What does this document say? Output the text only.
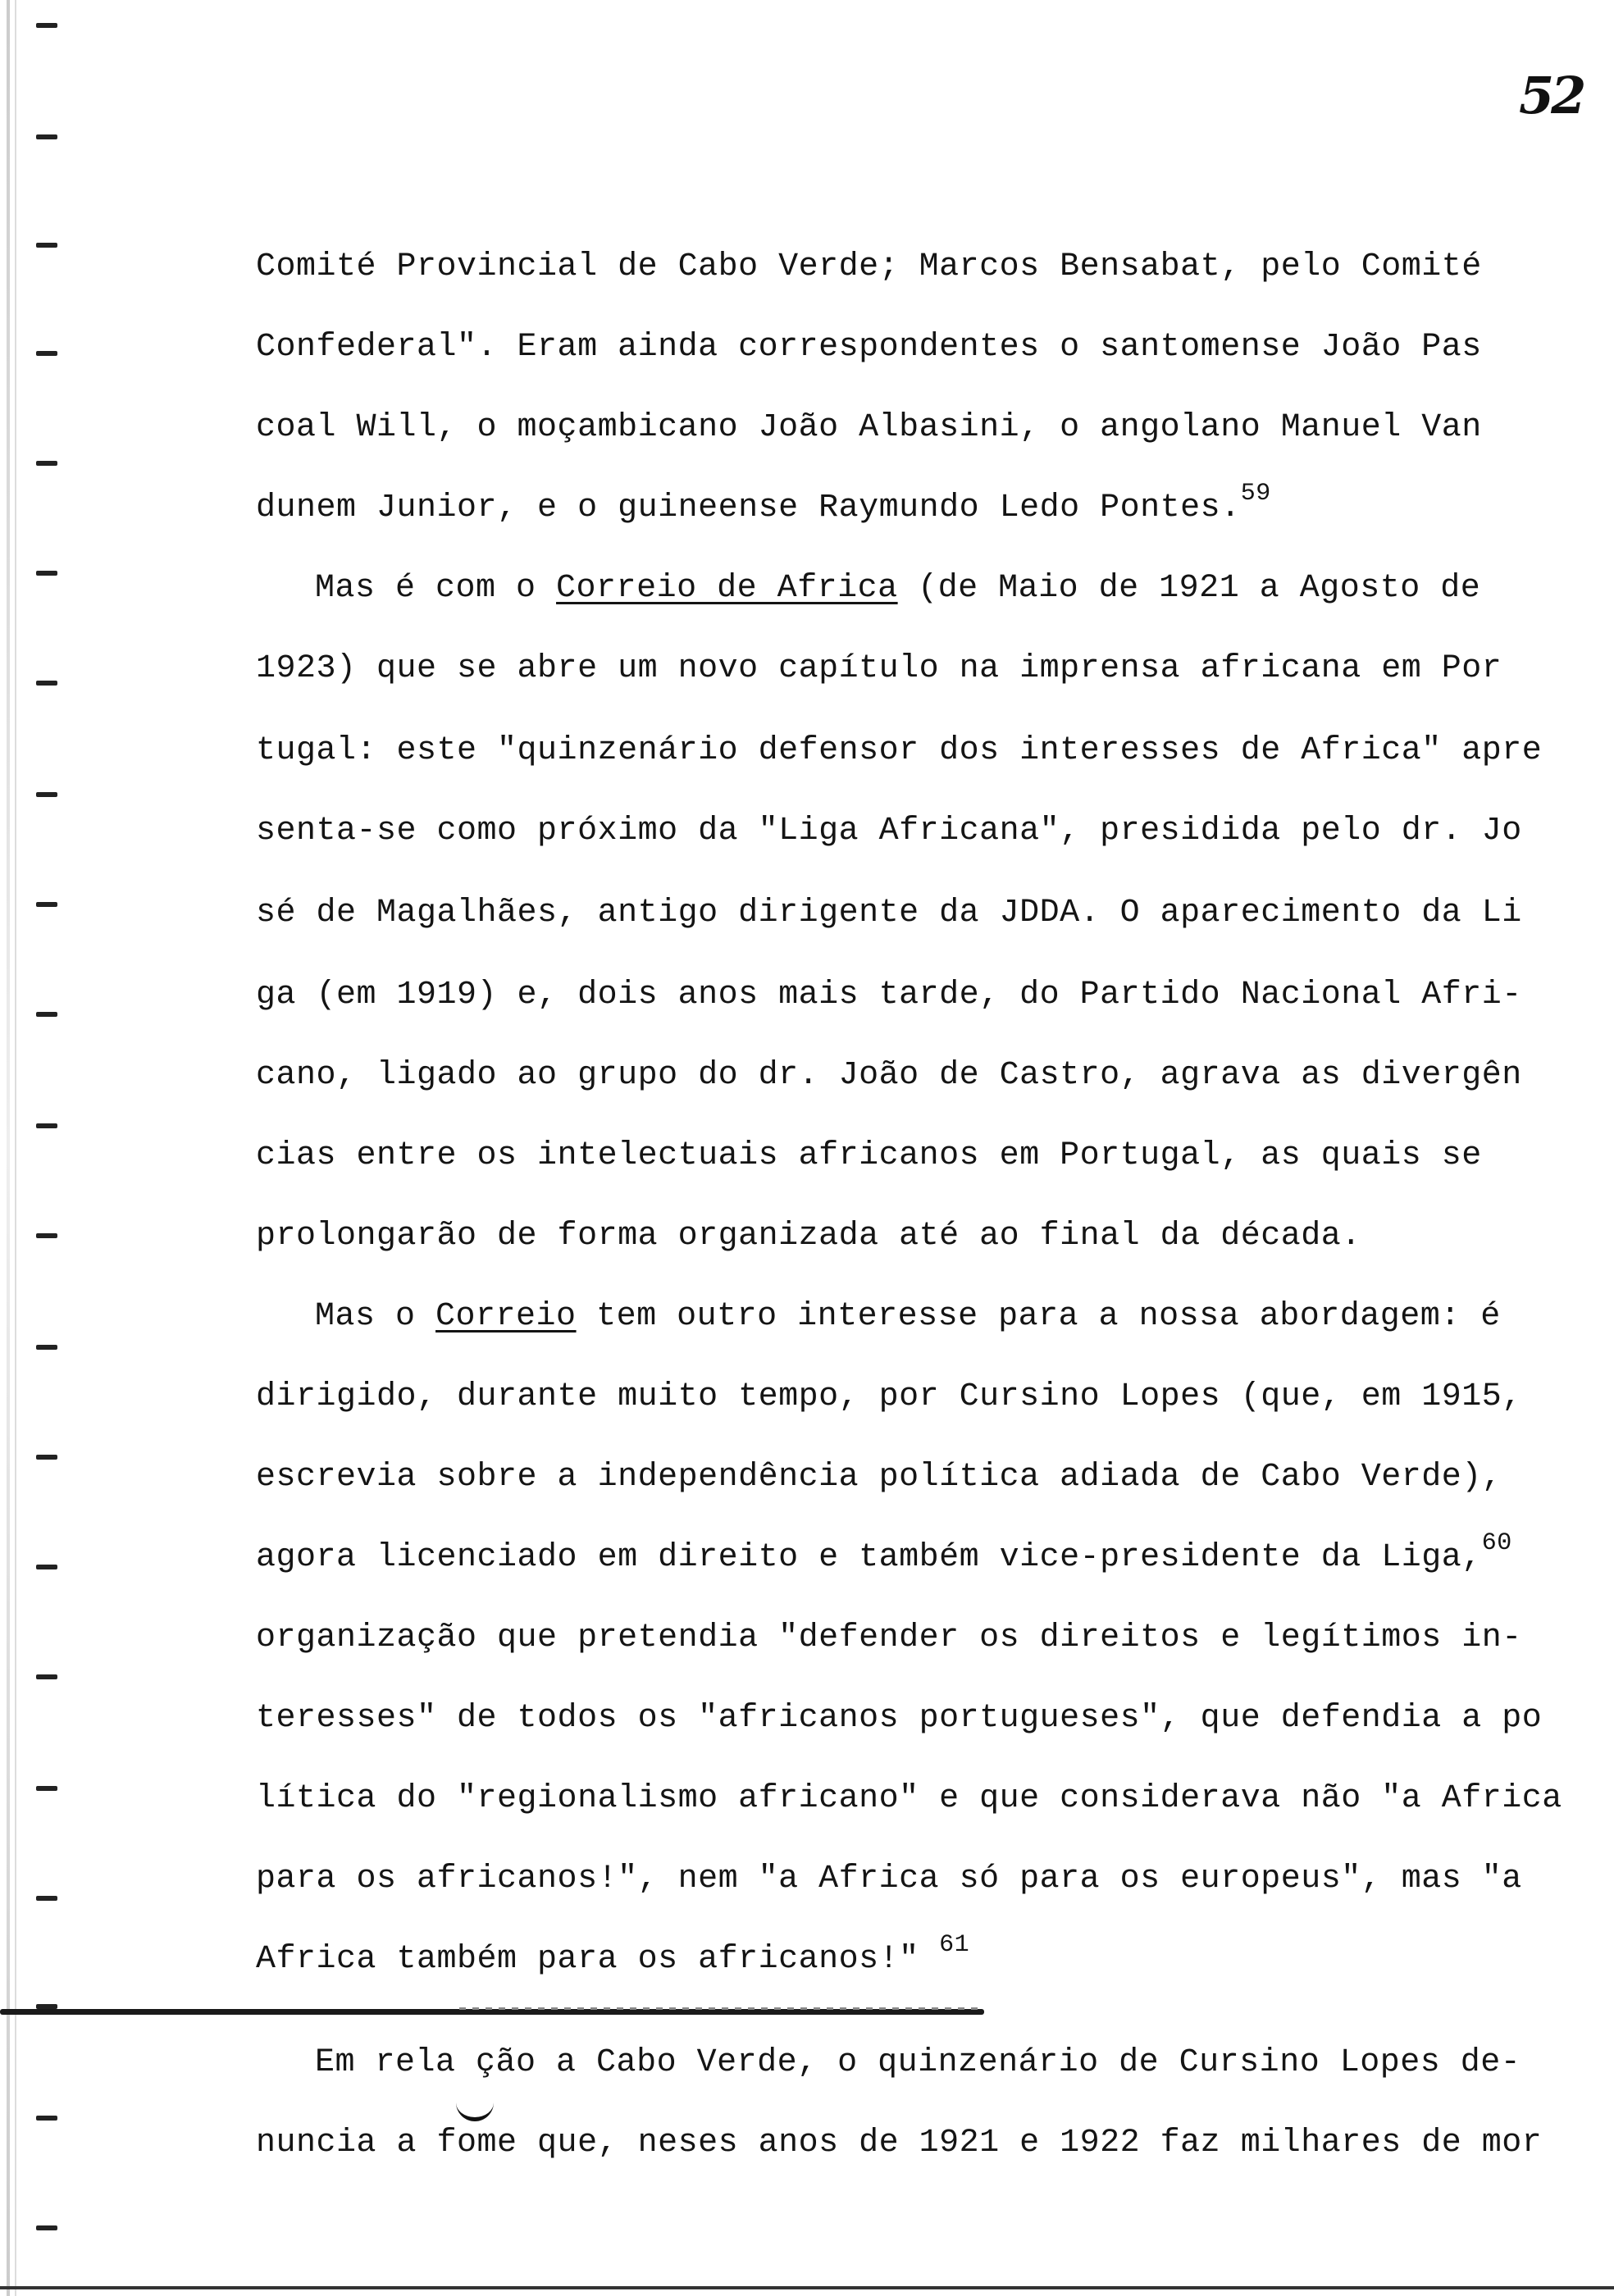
52
Comité Provincial de Cabo Verde; Marcos Bensabat, pelo Comité
Confederal". Eram ainda correspondentes o santomense João Pas
coal Will, o moçambicano João Albasini, o angolano Manuel Van
dunem Junior, e o guineense Raymundo Ledo Pontes.$^{59}$
Mas é com o Correio de Africa (de Maio de 1921 a Agosto de
1923) que se abre um novo capítulo na imprensa africana em Por
tugal: este "quinzenário defensor dos interesses de Africa" apre
senta-se como próximo da "Liga Africana", presidida pelo dr. Jo
sé de Magalhães, antigo dirigente da JDDA. O aparecimento da Li
ga (em 1919) e, dois anos mais tarde, do Partido Nacional Afri-
cano, ligado ao grupo do dr. João de Castro, agrava as divergên
cias entre os intelectuais africanos em Portugal, as quais se
prolongarão de forma organizada até ao final da década.
Mas o Correio tem outro interesse para a nossa abordagem: é
dirigido, durante muito tempo, por Cursino Lopes (que, em 1915,
escrevia sobre a independência política adiada de Cabo Verde),
agora licenciado em direito e também vice-presidente da Liga,$^{60}$
organização que pretendia "defender os direitos e legítimos in-
teresses" de todos os "africanos portugueses", que defendia a po
lítica do "regionalismo africano" e que considerava não "a Africa
para os africanos!", nem "a Africa só para os europeus", mas "a
Africa também para os africanos!" $^{61}$
Em rela ção a Cabo Verde, o quinzenário de Cursino Lopes de-
nuncia a fome que, neses anos de 1921 e 1922 faz milhares de mor
